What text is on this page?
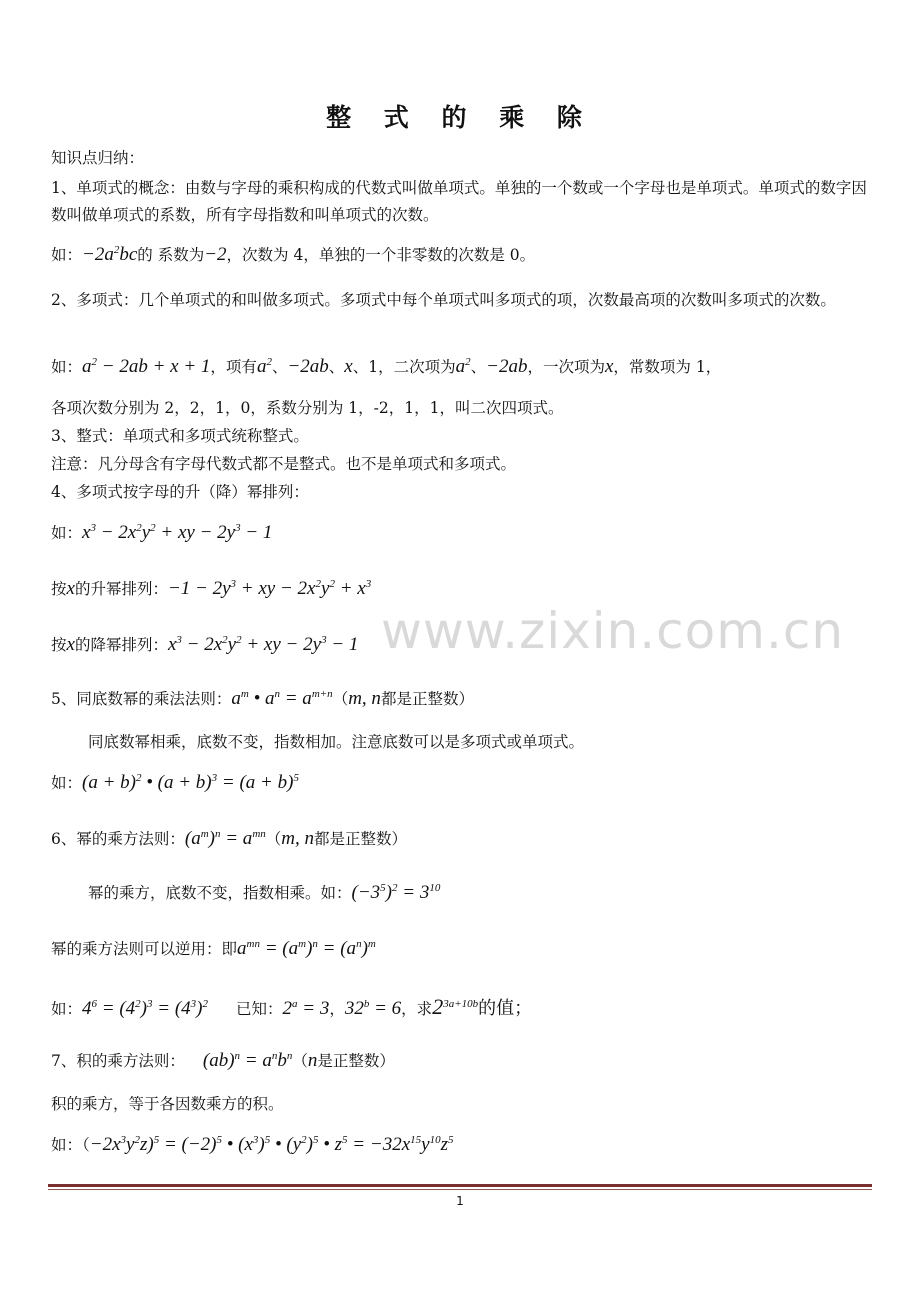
整 式 的 乘 除
知识点归纳：
1、单项式的概念：由数与字母的乘积构成的代数式叫做单项式。单独的一个数或一个字母也是单项式。单项式的数字因数叫做单项式的系数，所有字母指数和叫单项式的次数。
如：$-2a^2bc$的 系数为−2，次数为 4，单独的一个非零数的次数是 0。
2、多项式：几个单项式的和叫做多项式。多项式中每个单项式叫多项式的项，次数最高项的次数叫多项式的次数。
如：$a^2 - 2ab + x + 1$，项有$a^2$、−2ab、x、1，二次项为$a^2$、−2ab，一次项为x，常数项为 1，
各项次数分别为 2，2，1，0，系数分别为 1，-2，1，1，叫二次四项式。
3、整式：单项式和多项式统称整式。
注意：凡分母含有字母代数式都不是整式。也不是单项式和多项式。
4、多项式按字母的升（降）幂排列：
如：$x^3 - 2x^2y^2$ + xy − $2y^3 - 1$
按x的升幂排列：$-1 - 2y^3$ + xy − $2x^2y^2 + x^3$
按x的降幂排列：$x^3 - 2x^2y^2$ + xy − $2y^3 - 1$ www.zixin.com.cn
5、同底数幂的乘法法则：$a^m$ • $a^n = a^{m+n}(m$, n都是正整数）
同底数幂相乘，底数不变，指数相加。注意底数可以是多项式或单项式。
如：$(a + b)^2$ • $(a + b)^3 = (a + b)^5$
6、幂的乘方法则：$(a^m)^n = a^{mn}(m$, n都是正整数）
幂的乘方，底数不变，指数相乘。如：$(-3^5)^2 = 3^{10}$
幂的乘方法则可以逆用：即$a^{mn} = (a^m)^n = (a^n)^m$
如：$4^6 = (4^2)^3 = (4^3)^2$ 已知：$2^a = 3$，$32^b = 6$，求$2^{3a+10b}$的值；
7、积的乘方法则： $(ab)^n = a^nb^n(n$是正整数）
积的乘方，等于各因数乘方的积。
如：$(-2x^3y^2z)^5 = (-2)^5$ • $(x^3)^5$ • $(y^2)^5$ • $z^5 = -32x^{15}y^{10}z^5$
1
